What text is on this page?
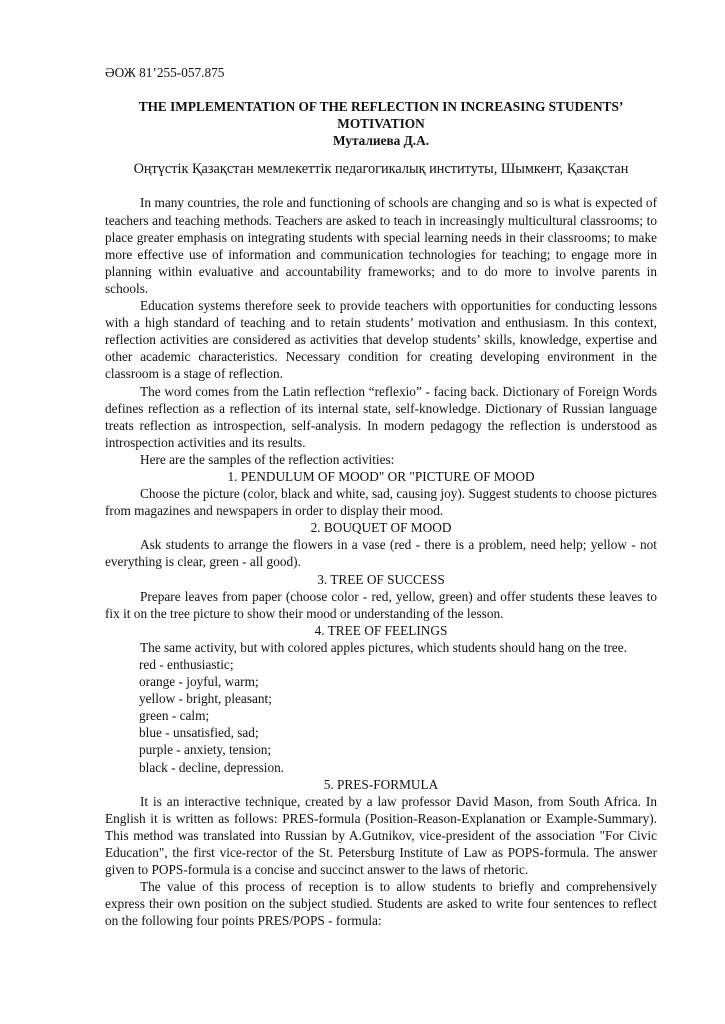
ӘОЖ 81’255-057.875

THE IMPLEMENTATION OF THE REFLECTION IN INCREASING STUDENTS’

MOTIVATION

Муталиева Д.А.

Оңтүстік Қазақстан мемлекеттік педагогикалық институты, Шымкент, Қазақстан

In many countries, the role and functioning of schools are changing and so is what is expected of teachers and teaching methods. Teachers are asked to teach in increasingly multicultural classrooms; to place greater emphasis on integrating students with special learning needs in their classrooms; to make more effective use of information and communication technologies for teaching; to engage more in planning within evaluative and accountability frameworks; and to do more to involve parents in schools.

Education systems therefore seek to provide teachers with opportunities for conducting lessons with a high standard of teaching and to retain students’ motivation and enthusiasm. In this context, reflection activities are considered as activities that develop students’ skills, knowledge, expertise and other academic characteristics. Necessary condition for creating developing environment in the classroom is a stage of reflection.

The word comes from the Latin reflection “reflexio” - facing back. Dictionary of Foreign Words defines reflection as a reflection of its internal state, self-knowledge. Dictionary of Russian language treats reflection as introspection, self-analysis. In modern pedagogy the reflection is understood as introspection activities and its results.

Here are the samples of the reflection activities:

1. PENDULUM OF MOOD" OR "PICTURE OF MOOD

Choose the picture (color, black and white, sad, causing joy). Suggest students to choose pictures from magazines and newspapers in order to display their mood.

2. BOUQUET OF MOOD

Ask students to arrange the flowers in a vase (red - there is a problem, need help; yellow - not everything is clear, green - all good).

3. TREE OF SUCCESS

Prepare leaves from paper (choose color - red, yellow, green) and offer students these leaves to fix it on the tree picture to show their mood or understanding of the lesson.

4. TREE OF FEELINGS

The same activity, but with colored apples pictures, which students should hang on the tree.

red - enthusiastic;
orange - joyful, warm;
yellow - bright, pleasant;
green - calm;
blue - unsatisfied, sad;
purple - anxiety, tension;
black - decline, depression.

5. PRES-FORMULA

It is an interactive technique, created by a law professor David Mason, from South Africa. In English it is written as follows: PRES-formula (Position-Reason-Explanation or Example-Summary). This method was translated into Russian by A.Gutnikov, vice-president of the association "For Civic Education", the first vice-rector of the St. Petersburg Institute of Law as POPS-formula. The answer given to POPS-formula is a concise and succinct answer to the laws of rhetoric.

The value of this process of reception is to allow students to briefly and comprehensively express their own position on the subject studied. Students are asked to write four sentences to reflect on the following four points PRES/POPS - formula:
